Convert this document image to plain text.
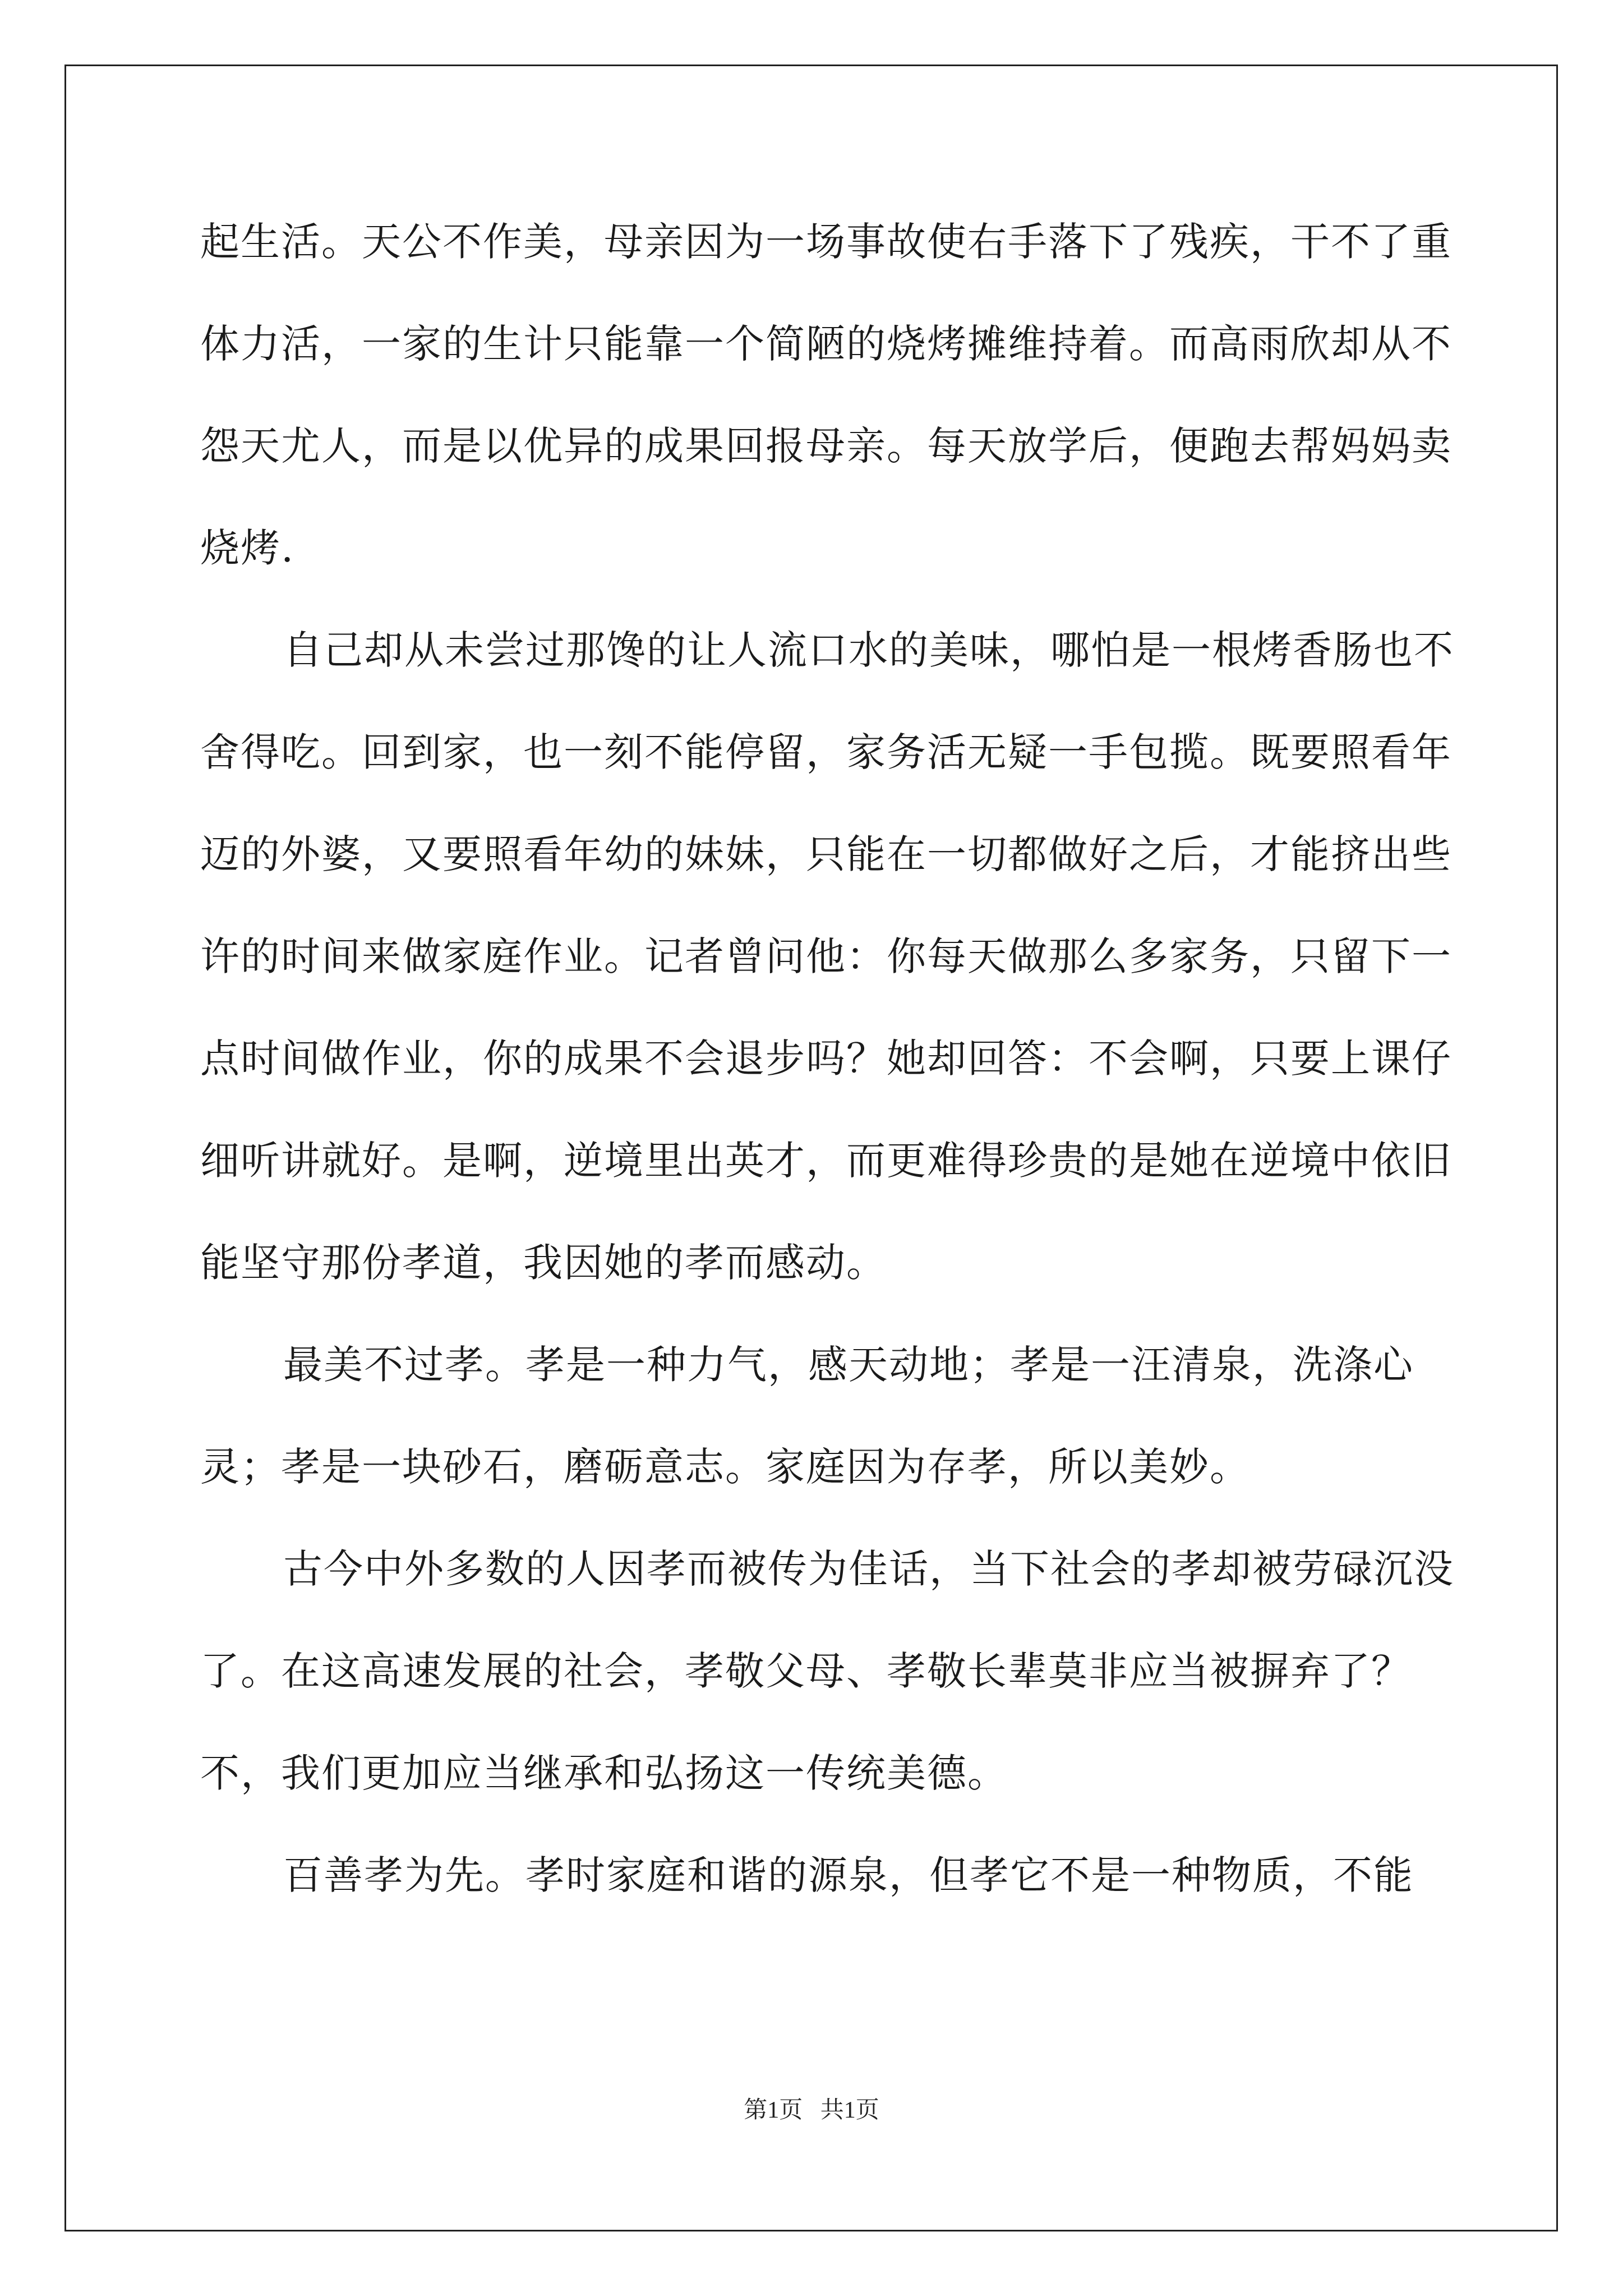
起生活。天公不作美，母亲因为一场事故使右手落下了残疾，干不了重体力活，一家的生计只能靠一个简陋的烧烤摊维持着。而高雨欣却从不怨天尤人，而是以优异的成果回报母亲。每天放学后，便跑去帮妈妈卖烧烤.

自己却从未尝过那馋的让人流口水的美味，哪怕是一根烤香肠也不舍得吃。回到家，也一刻不能停留，家务活无疑一手包揽。既要照看年迈的外婆，又要照看年幼的妹妹，只能在一切都做好之后，才能挤出些许的时间来做家庭作业。记者曾问他：你每天做那么多家务，只留下一点时间做作业，你的成果不会退步吗？她却回答：不会啊，只要上课仔细听讲就好。是啊，逆境里出英才，而更难得珍贵的是她在逆境中依旧能坚守那份孝道，我因她的孝而感动。

最美不过孝。孝是一种力气，感天动地；孝是一汪清泉，洗涤心灵；孝是一块砂石，磨砺意志。家庭因为存孝，所以美妙。

古今中外多数的人因孝而被传为佳话，当下社会的孝却被劳碌沉没了。在这高速发展的社会，孝敬父母、孝敬长辈莫非应当被摒弃了？不，我们更加应当继承和弘扬这一传统美德。

百善孝为先。孝时家庭和谐的源泉，但孝它不是一种物质，不能

第1页 共1页
